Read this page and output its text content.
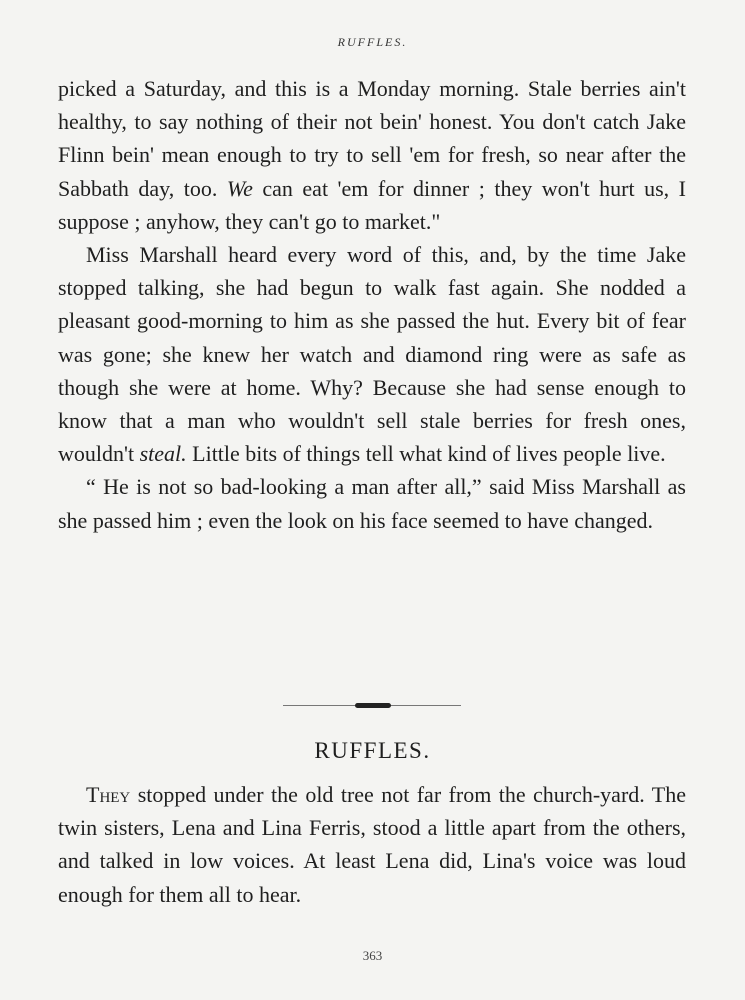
RUFFLES.

picked a Saturday, and this is a Monday morning. Stale berries ain't healthy, to say nothing of their not bein' honest. You don't catch Jake Flinn bein' mean enough to try to sell 'em for fresh, so near after the Sabbath day, too. We can eat 'em for dinner ; they won't hurt us, I suppose ; anyhow, they can't go to market."

Miss Marshall heard every word of this, and, by the time Jake stopped talking, she had begun to walk fast again. She nodded a pleasant good-morning to him as she passed the hut. Every bit of fear was gone; she knew her watch and diamond ring were as safe as though she were at home. Why? Because she had sense enough to know that a man who wouldn't sell stale berries for fresh ones, wouldn't steal. Little bits of things tell what kind of lives people live.

“ He is not so bad-looking a man after all,” said Miss Marshall as she passed him ; even the look on his face seemed to have changed.

RUFFLES.

They stopped under the old tree not far from the church-yard. The twin sisters, Lena and Lina Ferris, stood a little apart from the others, and talked in low voices. At least Lena did, Lina's voice was loud enough for them all to hear.

363
